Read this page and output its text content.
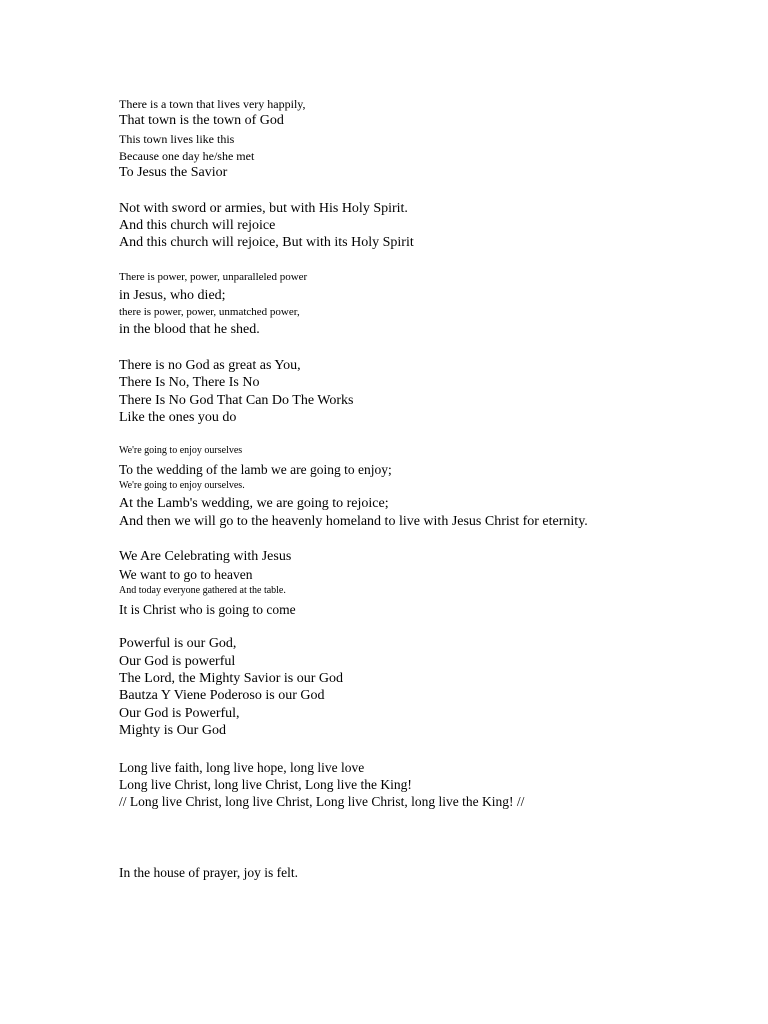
There is a town that lives very happily,
That town is the town of God
This town lives like this
Because one day he/she met
To Jesus the Savior
Not with sword or armies, but with His Holy Spirit.
And this church will rejoice
And this church will rejoice, But with its Holy Spirit
There is power, power, unparalleled power
in Jesus, who died;
there is power, power, unmatched power,
in the blood that he shed.
There is no God as great as You,
There Is No, There Is No
There Is No God That Can Do The Works
Like the ones you do
We're going to enjoy ourselves
To the wedding of the lamb we are going to enjoy;
We're going to enjoy ourselves.
At the Lamb's wedding, we are going to rejoice;
And then we will go to the heavenly homeland to live with Jesus Christ for eternity.
We Are Celebrating with Jesus
We want to go to heaven
And today everyone gathered at the table.
It is Christ who is going to come
Powerful is our God,
Our God is powerful
The Lord, the Mighty Savior is our God
Bautza Y Viene Poderoso is our God
Our God is Powerful,
Mighty is Our God
Long live faith, long live hope, long live love
Long live Christ, long live Christ, Long live the King!
// Long live Christ, long live Christ, Long live Christ, long live the King! //
In the house of prayer, joy is felt.
